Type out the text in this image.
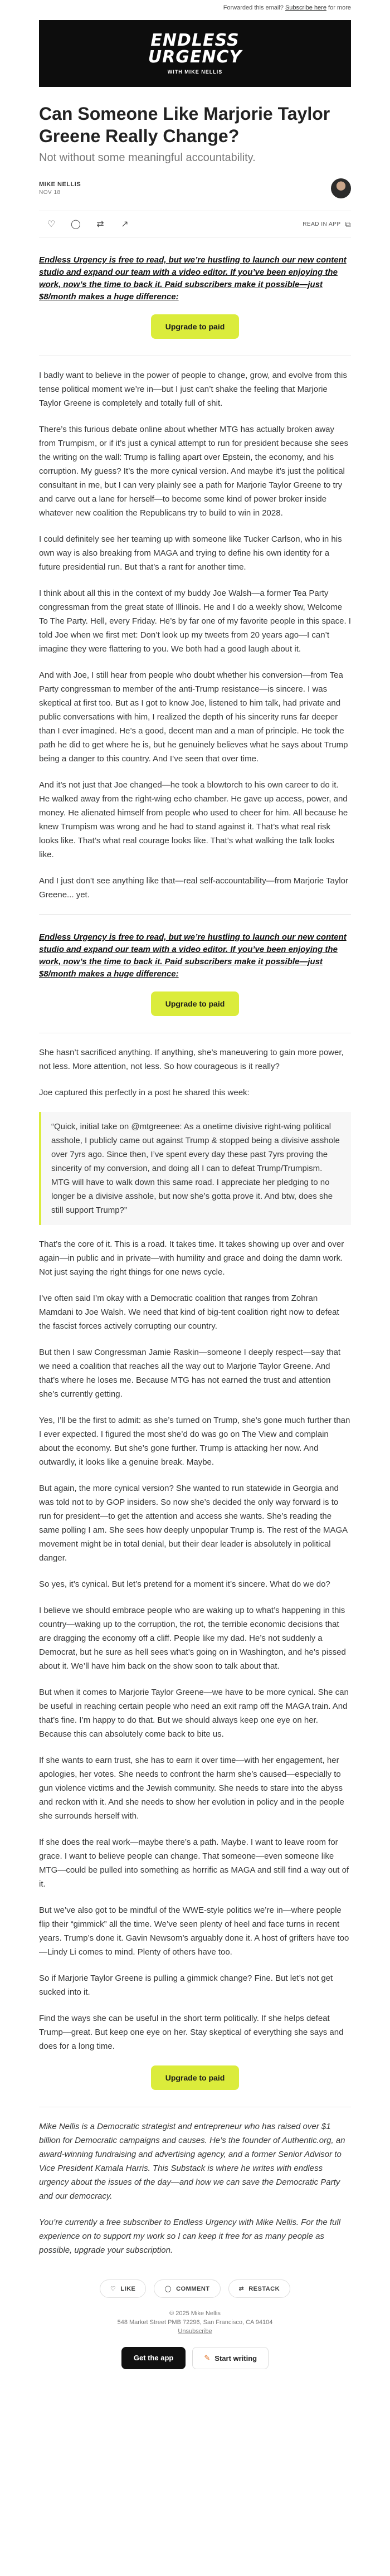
Forwarded this email? Subscribe here for more
ENDLESS
URGENCY
WITH MIKE NELLIS
Can Someone Like Marjorie Taylor Greene Really Change?
Not without some meaningful accountability.
MIKE NELLIS
NOV 18
♡	◯	⇄	↗	READ IN APP ⧉
Endless Urgency is free to read, but we’re hustling to launch our new content studio and expand our team with a video editor. If you’ve been enjoying the work, now’s the time to back it. Paid subscribers make it possible—just $8/month makes a huge difference:
Upgrade to paid

I badly want to believe in the power of people to change, grow, and evolve from this tense political moment we’re in—but I just can’t shake the feeling that Marjorie Taylor Greene is completely and totally full of shit.

There’s this furious debate online about whether MTG has actually broken away from Trumpism, or if it’s just a cynical attempt to run for president because she sees the writing on the wall: Trump is falling apart over Epstein, the economy, and his corruption. My guess? It’s the more cynical version. And maybe it’s just the political consultant in me, but I can very plainly see a path for Marjorie Taylor Greene to try and carve out a lane for herself—to become some kind of power broker inside whatever new coalition the Republicans try to build to win in 2028.

I could definitely see her teaming up with someone like Tucker Carlson, who in his own way is also breaking from MAGA and trying to define his own identity for a future presidential run. But that’s a rant for another time.

I think about all this in the context of my buddy Joe Walsh—a former Tea Party congressman from the great state of Illinois. He and I do a weekly show, Welcome To The Party. Hell, every Friday. He’s by far one of my favorite people in this space. I told Joe when we first met: Don’t look up my tweets from 20 years ago—I can’t imagine they were flattering to you. We both had a good laugh about it.

And with Joe, I still hear from people who doubt whether his conversion—from Tea Party congressman to member of the anti-Trump resistance—is sincere. I was skeptical at first too. But as I got to know Joe, listened to him talk, had private and public conversations with him, I realized the depth of his sincerity runs far deeper than I ever imagined. He’s a good, decent man and a man of principle. He took the path he did to get where he is, but he genuinely believes what he says about Trump being a danger to this country. And I’ve seen that over time.

And it’s not just that Joe changed—he took a blowtorch to his own career to do it. He walked away from the right-wing echo chamber. He gave up access, power, and money. He alienated himself from people who used to cheer for him. All because he knew Trumpism was wrong and he had to stand against it. That’s what real risk looks like. That’s what real courage looks like. That’s what walking the talk looks like.

And I just don’t see anything like that—real self-accountability—from Marjorie Taylor Greene... yet.

Endless Urgency is free to read, but we’re hustling to launch our new content studio and expand our team with a video editor. If you’ve been enjoying the work, now’s the time to back it. Paid subscribers make it possible—just $8/month makes a huge difference:
Upgrade to paid

She hasn’t sacrificed anything. If anything, she’s maneuvering to gain more power, not less. More attention, not less. So how courageous is it really?

Joe captured this perfectly in a post he shared this week:

“Quick, initial take on @mtgreenee: As a onetime divisive right-wing political asshole, I publicly came out against Trump & stopped being a divisive asshole over 7yrs ago. Since then, I’ve spent every day these past 7yrs proving the sincerity of my conversion, and doing all I can to defeat Trump/Trumpism. MTG will have to walk down this same road. I appreciate her pledging to no longer be a divisive asshole, but now she’s gotta prove it. And btw, does she still support Trump?”

That’s the core of it. This is a road. It takes time. It takes showing up over and over again—in public and in private—with humility and grace and doing the damn work. Not just saying the right things for one news cycle.

I’ve often said I’m okay with a Democratic coalition that ranges from Zohran Mamdani to Joe Walsh. We need that kind of big-tent coalition right now to defeat the fascist forces actively corrupting our country.

But then I saw Congressman Jamie Raskin—someone I deeply respect—say that we need a coalition that reaches all the way out to Marjorie Taylor Greene. And that’s where he loses me. Because MTG has not earned the trust and attention she’s currently getting.

Yes, I’ll be the first to admit: as she’s turned on Trump, she’s gone much further than I ever expected. I figured the most she’d do was go on The View and complain about the economy. But she’s gone further. Trump is attacking her now. And outwardly, it looks like a genuine break. Maybe.

But again, the more cynical version? She wanted to run statewide in Georgia and was told not to by GOP insiders. So now she’s decided the only way forward is to run for president—to get the attention and access she wants. She’s reading the same polling I am. She sees how deeply unpopular Trump is. The rest of the MAGA movement might be in total denial, but their dear leader is absolutely in political danger.

So yes, it’s cynical. But let’s pretend for a moment it’s sincere. What do we do?

I believe we should embrace people who are waking up to what’s happening in this country—waking up to the corruption, the rot, the terrible economic decisions that are dragging the economy off a cliff. People like my dad. He’s not suddenly a Democrat, but he sure as hell sees what’s going on in Washington, and he’s pissed about it. We’ll have him back on the show soon to talk about that.

But when it comes to Marjorie Taylor Greene—we have to be more cynical. She can be useful in reaching certain people who need an exit ramp off the MAGA train. And that’s fine. I’m happy to do that. But we should always keep one eye on her. Because this can absolutely come back to bite us.

If she wants to earn trust, she has to earn it over time—with her engagement, her apologies, her votes. She needs to confront the harm she’s caused—especially to gun violence victims and the Jewish community. She needs to stare into the abyss and reckon with it. And she needs to show her evolution in policy and in the people she surrounds herself with.

If she does the real work—maybe there’s a path. Maybe. I want to leave room for grace. I want to believe people can change. That someone—even someone like MTG—could be pulled into something as horrific as MAGA and still find a way out of it.

But we’ve also got to be mindful of the WWE-style politics we’re in—where people flip their “gimmick” all the time. We’ve seen plenty of heel and face turns in recent years. Trump’s done it. Gavin Newsom’s arguably done it. A host of grifters have too—Lindy Li comes to mind. Plenty of others have too.

So if Marjorie Taylor Greene is pulling a gimmick change? Fine. But let’s not get sucked into it.

Find the ways she can be useful in the short term politically. If she helps defeat Trump—great. But keep one eye on her. Stay skeptical of everything she says and does for a long time.

Upgrade to paid

Mike Nellis is a Democratic strategist and entrepreneur who has raised over $1 billion for Democratic campaigns and causes. He’s the founder of Authentic.org, an award-winning fundraising and advertising agency, and a former Senior Advisor to Vice President Kamala Harris. This Substack is where he writes with endless urgency about the issues of the day—and how we can save the Democratic Party and our democracy.

You’re currently a free subscriber to Endless Urgency with Mike Nellis. For the full experience on to support my work so I can keep it free for as many people as possible, upgrade your subscription.

♡ LIKE	◯ COMMENT	⇄ RESTACK
© 2025 Mike Nellis
548 Market Street PMB 72296, San Francisco, CA 94104
Unsubscribe
Get the app	✎ Start writing
